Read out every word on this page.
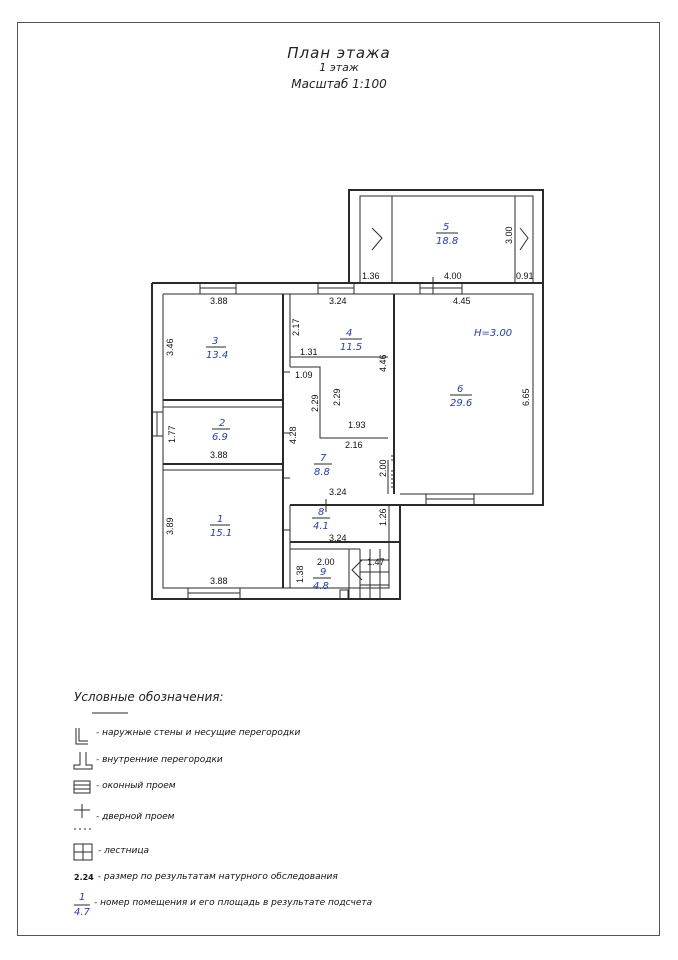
План этажа
1 этаж
Масштаб 1:100
1.36	4.00	0.91
3.00
3.88	3.24	4.45
3.46
2.17
1.31
4.46
1.09
2.29 2.29
1.93
6.65
1.77	4.28
2.16
3.88
2.00
3.24
3.89
1.26
3.24
2.00	1.47
1.38
3.88
3
13.4
4
11.5
5
18.8
H=3.00
6
29.6
2
6.9
7
8.8
1
15.1
8
4.1
9
4.8
Условные обозначения:
- наружные стены и несущие перегородки
- внутренние перегородки
- оконный проем
- дверной проем
- лестница
2.24 - размер по результатам натурного обследования
1
4.7
- номер помещения и его площадь в результате подсчета
